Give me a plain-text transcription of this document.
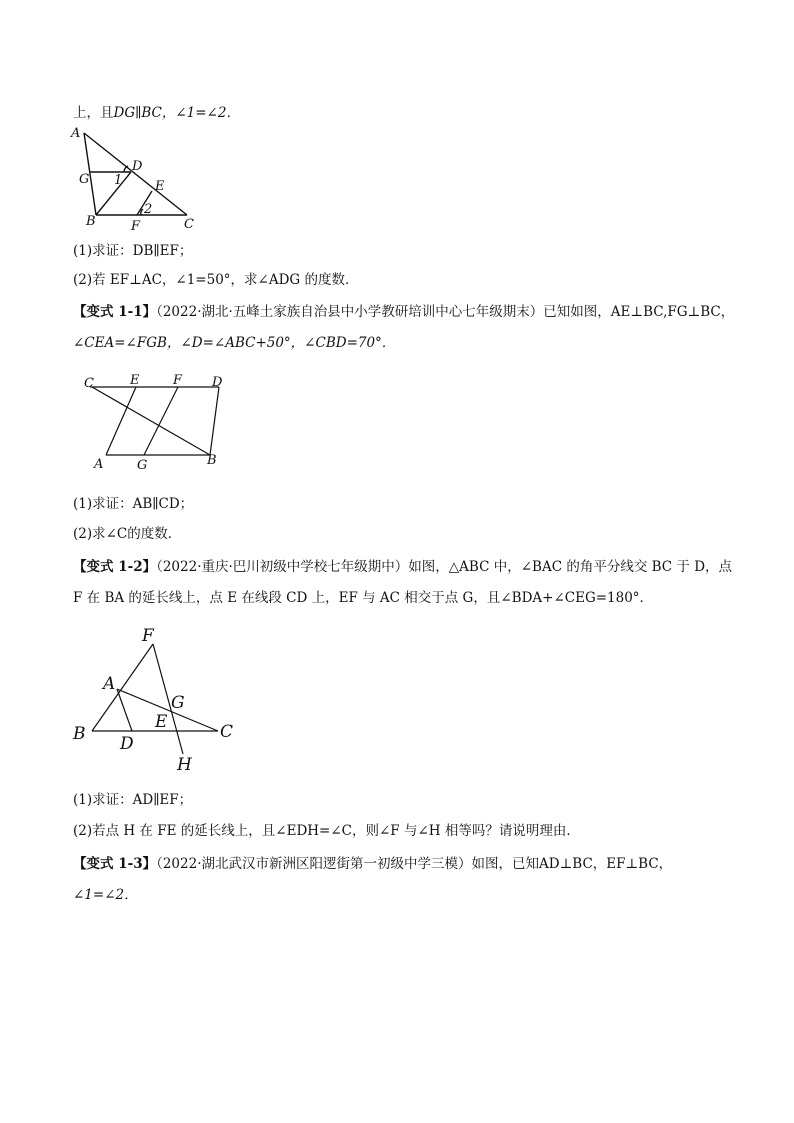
上，且DG∥BC，∠1=∠2．
A
D
G 1	E
2
B	F	C
(1)求证：DB∥EF；
(2)若 EF⊥AC，∠1=50°，求∠ADG 的度数．
【变式 1-1】（2022·湖北·五峰土家族自治县中小学教研培训中心七年级期末）已知如图，AE⊥BC,FG⊥BC，
∠CEA=∠FGB，∠D=∠ABC+50°，∠CBD=70°．
C	E	F D
A	G	B
(1)求证：AB∥CD；
(2)求∠C的度数．
【变式 1-2】（2022·重庆·巴川初级中学校七年级期中）如图，△ABC 中，∠BAC 的角平分线交 BC 于 D，点
F 在 BA 的延长线上，点 E 在线段 CD 上，EF 与 AC 相交于点 G，且∠BDA+∠CEG=180°．
F
A
G
E
B D
C
H
(1)求证：AD∥EF；
(2)若点 H 在 FE 的延长线上，且∠EDH=∠C，则∠F 与∠H 相等吗？请说明理由．
【变式 1-3】（2022·湖北武汉市新洲区阳逻街第一初级中学三模）如图，已知AD⊥BC，EF⊥BC，
∠1=∠2．
